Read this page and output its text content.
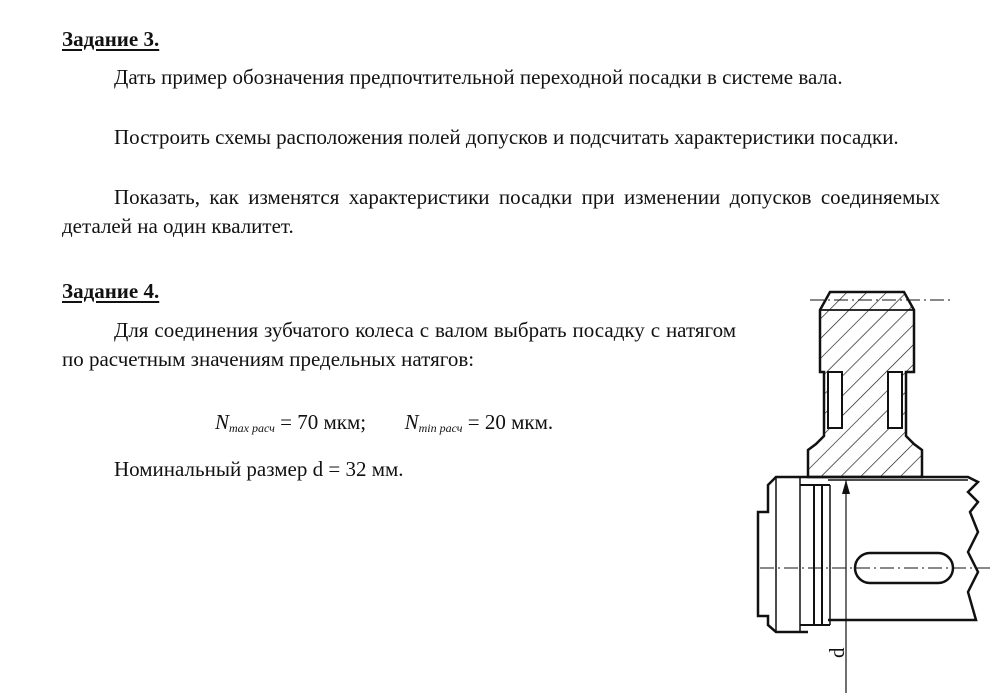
Задание 3.

Дать пример обозначения предпочтительной переходной посадки в системе вала.

Построить схемы расположения полей допусков и подсчитать характеристики посадки.

Показать, как изменятся характеристики посадки при изменении допусков соединяемых деталей на один квалитет.

Задание 4.

Для соединения зубчатого колеса с валом выбрать посадку с натягом по расчетным значениям предельных натягов:

$N_{max расч} = 70$ мкм; $N_{min расч} = 20$ мкм.
Номинальный размер d = 32 мм.
d
